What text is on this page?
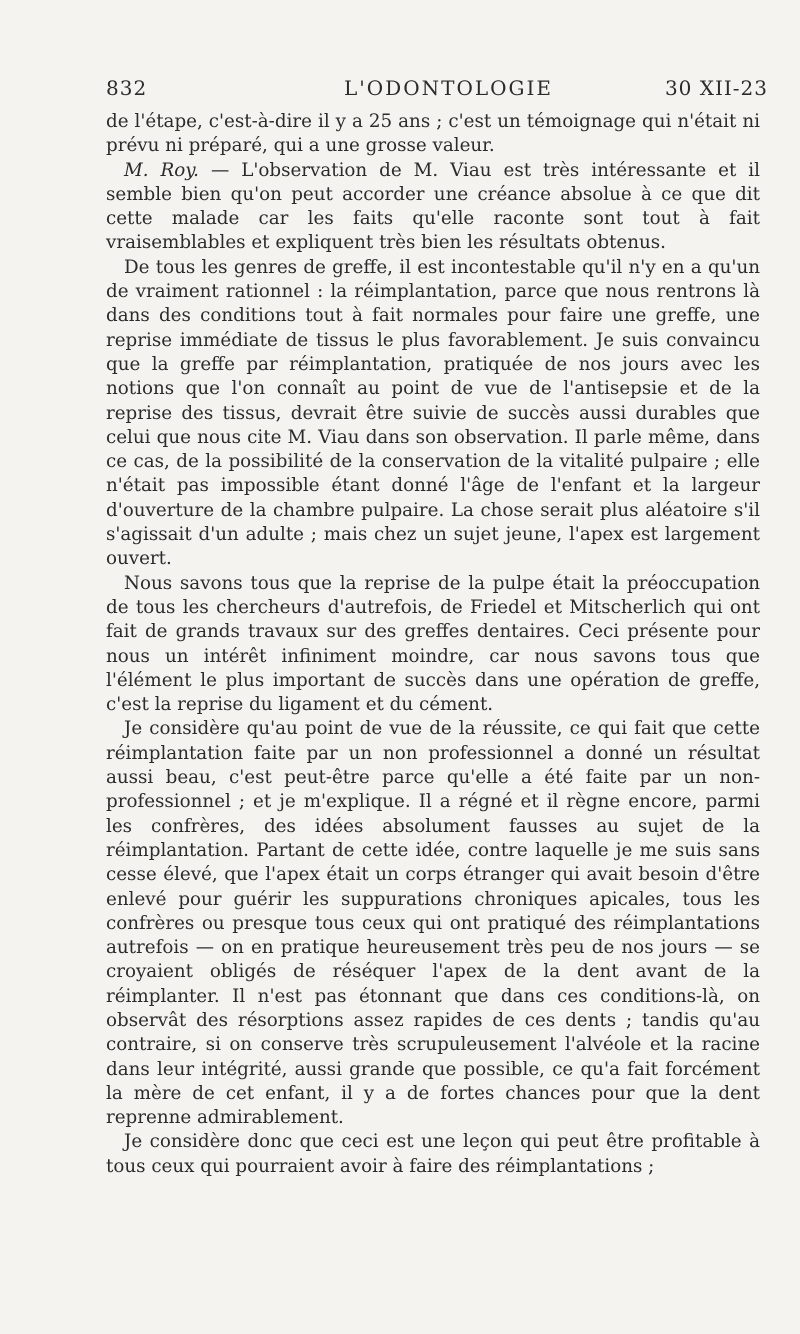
832	L'ODONTOLOGIE	30 XII-23

de l'étape, c'est-à-dire il y a 25 ans ; c'est un témoignage qui n'était ni prévu ni préparé, qui a une grosse valeur.

M. Roy. — L'observation de M. Viau est très intéressante et il semble bien qu'on peut accorder une créance absolue à ce que dit cette malade car les faits qu'elle raconte sont tout à fait vraisemblables et expliquent très bien les résultats obtenus.

De tous les genres de greffe, il est incontestable qu'il n'y en a qu'un de vraiment rationnel : la réimplantation, parce que nous rentrons là dans des conditions tout à fait normales pour faire une greffe, une reprise immédiate de tissus le plus favorablement. Je suis convaincu que la greffe par réimplantation, pratiquée de nos jours avec les notions que l'on connaît au point de vue de l'antisepsie et de la reprise des tissus, devrait être suivie de succès aussi durables que celui que nous cite M. Viau dans son observation. Il parle même, dans ce cas, de la possibilité de la conservation de la vitalité pulpaire ; elle n'était pas impossible étant donné l'âge de l'enfant et la largeur d'ouverture de la chambre pulpaire. La chose serait plus aléatoire s'il s'agissait d'un adulte ; mais chez un sujet jeune, l'apex est largement ouvert.

Nous savons tous que la reprise de la pulpe était la préoccupation de tous les chercheurs d'autrefois, de Friedel et Mitscherlich qui ont fait de grands travaux sur des greffes dentaires. Ceci présente pour nous un intérêt infiniment moindre, car nous savons tous que l'élément le plus important de succès dans une opération de greffe, c'est la reprise du ligament et du cément.

Je considère qu'au point de vue de la réussite, ce qui fait que cette réimplantation faite par un non professionnel a donné un résultat aussi beau, c'est peut-être parce qu'elle a été faite par un non-professionnel ; et je m'explique. Il a régné et il règne encore, parmi les confrères, des idées absolument fausses au sujet de la réimplantation. Partant de cette idée, contre laquelle je me suis sans cesse élevé, que l'apex était un corps étranger qui avait besoin d'être enlevé pour guérir les suppurations chroniques apicales, tous les confrères ou presque tous ceux qui ont pratiqué des réimplantations autrefois — on en pratique heureusement très peu de nos jours — se croyaient obligés de réséquer l'apex de la dent avant de la réimplanter. Il n'est pas étonnant que dans ces conditions-là, on observât des résorptions assez rapides de ces dents ; tandis qu'au contraire, si on conserve très scrupuleusement l'alvéole et la racine dans leur intégrité, aussi grande que possible, ce qu'a fait forcément la mère de cet enfant, il y a de fortes chances pour que la dent reprenne admirablement.

Je considère donc que ceci est une leçon qui peut être profitable à tous ceux qui pourraient avoir à faire des réimplantations ;
